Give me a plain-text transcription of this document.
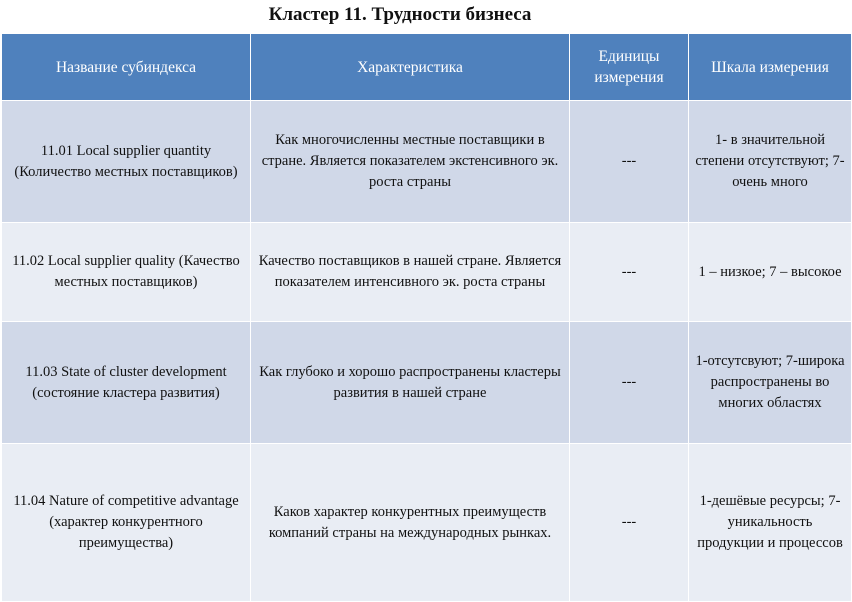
Кластер 11. Трудности бизнеса
Название субиндекса	Характеристика	Единицы измерения	Шкала измерения
11.01 Local supplier quantity (Количество местных поставщиков)	Как многочисленны местные поставщики в стране. Является показателем экстенсивного эк. роста страны	---	1- в значительной степени отсутствуют; 7- очень много
11.02 Local supplier quality (Качество местных поставщиков)	Качество поставщиков в нашей стране. Является показателем интенсивного эк. роста страны	---	1 – низкое; 7 – высокое
11.03 State of cluster development (состояние кластера развития)	Как глубоко и хорошо распространены кластеры развития в нашей стране	---	1-отсутсвуют; 7-широка распространены во многих областях
11.04 Nature of competitive advantage (характер конкурентного преимущества)	Каков характер конкурентных преимуществ компаний страны на международных рынках.	---	1-дешёвые ресурсы; 7-уникальность продукции и процессов
